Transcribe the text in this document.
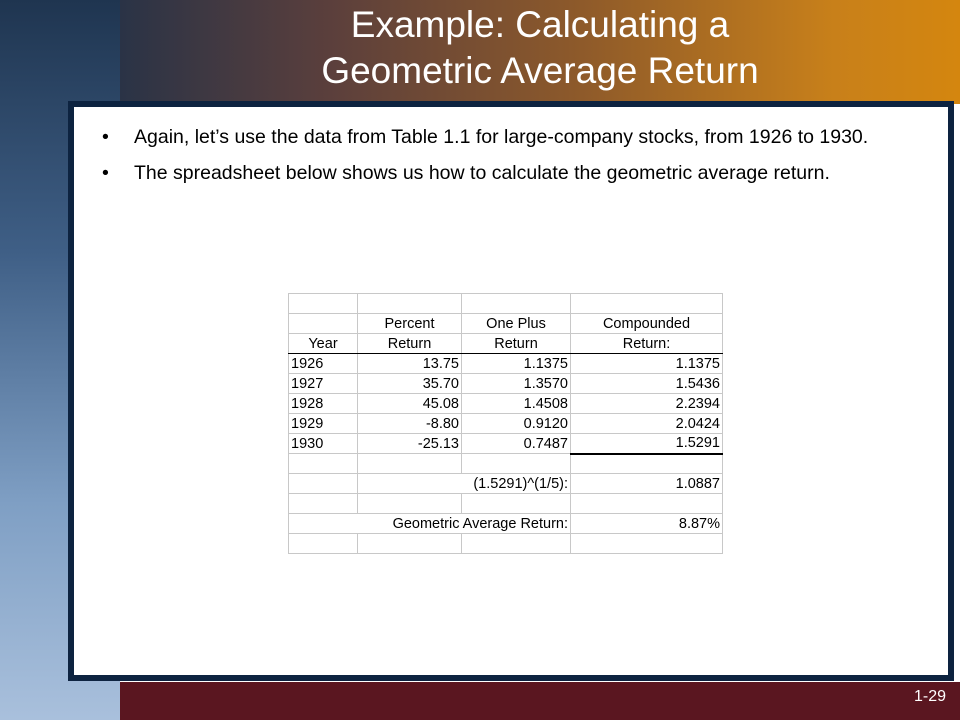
Example: Calculating a
Geometric Average Return
• Again, let’s use the data from Table 1.1 for large-company stocks, from 1926 to 1930.
• The spreadsheet below shows us how to calculate the geometric average return.

	Percent	One Plus	Compounded
Year	Return	Return	Return:
1926	13.75	1.1375	1.1375
1927	35.70	1.3570	1.5436
1928	45.08	1.4508	2.2394
1929	-8.80	0.9120	2.0424
1930	-25.13	0.7487	1.5291

	(1.5291)^(1/5):		1.0887

Geometric Average Return:			8.87%

1-29
